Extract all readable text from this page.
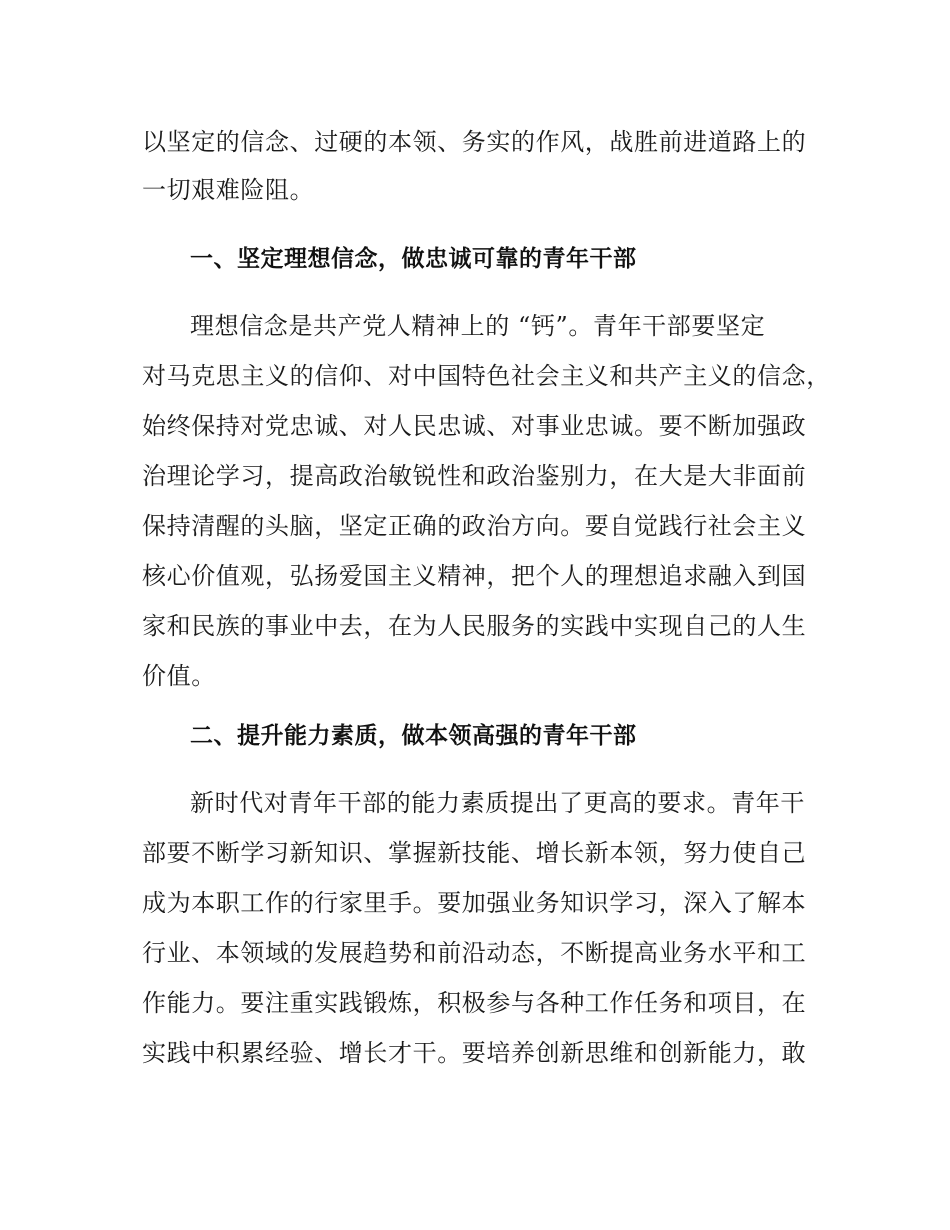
以坚定的信念、过硬的本领、务实的作风，战胜前进道路上的
一切艰难险阻。
一、坚定理想信念，做忠诚可靠的青年干部
理想信念是共产党人精神上的 “钙”。青年干部要坚定
对马克思主义的信仰、对中国特色社会主义和共产主义的信念，
始终保持对党忠诚、对人民忠诚、对事业忠诚。要不断加强政
治理论学习，提高政治敏锐性和政治鉴别力，在大是大非面前
保持清醒的头脑，坚定正确的政治方向。要自觉践行社会主义
核心价值观，弘扬爱国主义精神，把个人的理想追求融入到国
家和民族的事业中去，在为人民服务的实践中实现自己的人生
价值。
二、提升能力素质，做本领高强的青年干部
新时代对青年干部的能力素质提出了更高的要求。青年干
部要不断学习新知识、掌握新技能、增长新本领，努力使自己
成为本职工作的行家里手。要加强业务知识学习，深入了解本
行业、本领域的发展趋势和前沿动态，不断提高业务水平和工
作能力。要注重实践锻炼，积极参与各种工作任务和项目，在
实践中积累经验、增长才干。要培养创新思维和创新能力，敢
